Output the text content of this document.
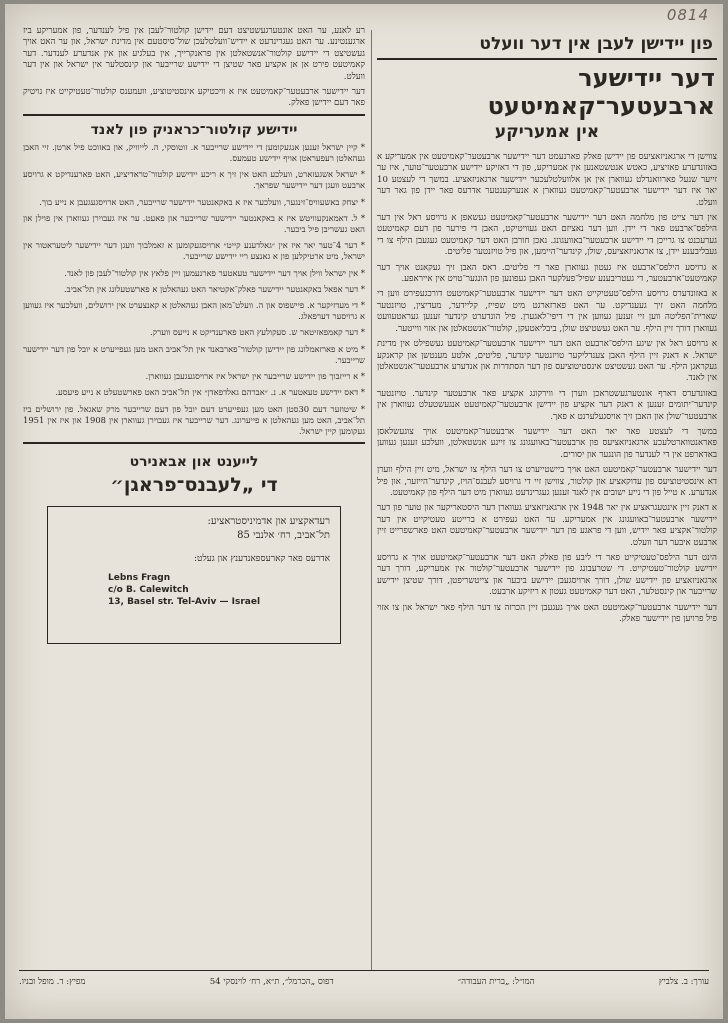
0814
פון יידישן לעבן אין דער וועלט
דער יידישער ארבעטער־קאמיטעט
אין אמעריקע

צווישן די ארגאניזאציעס פון יידישן פאלק פארנעמט דער יידישער ארבעטער־קאמיטעט אין אמעריקע א באזונדערע פאזיציע, כאטש אנטשטאנען אין אמעריקע, פון די דאזיקע יידישע ארבעטער־טוער, איז ער זייער שנעל פארוואנדלט געווארן אין אן אלוועלטלעכער יידישער ארגאניזאציע. במשך די לעצטע 10 יאר איז דער יידישער ארבעטער־קאמיטעט געווארן א אנערקענטער אדרעס פאר יידן פון גאר דער וועלט.

אין דער צייט פון מלחמה האט דער יידישער ארבעטער־קאמיטעט געשאפן א גרויסע ראל אין דער הילפס־ארבעט פאר די יידן. ווען דער נאציזם האט געוויטיקט, האבן די פירער פון דעם קאמיטעט גערעכנט צו גרייכן די יידישע ארבעטער־באוועגונג. נאכן חורבן האט דער קאמיטעט געגעבן הילף צו די געבליבענע יידן, צו ארגאניזאציעס, שולן, קינדער־היימען, און פיל טויזנטער פליטים.

א גרויסע הילפס־ארבעט איז געטון געווארן פאר די פליטים. דאס האבן זיך געקאנט אויך דער קאמיטעט־ארבעטער, די געטריבענע שפיל־פעלקער האבן געפונען פון הונגער־טויט אין אייראפע.

א באזונדערס גרויסע הילפס־טעטיקייט האט דער יידישער ארבעטער־קאמיטעט דורכגעפירט ווען די מלחמה האט זיך געענדיקט. ער האט פארזארגט מיט שפייז, קליידער, מעדיצין, טויזנטער שארית־הפליטה ווען זיי זענען געווען אין די דיפי־לאגערן. פיל הונדערט קינדער זענען געראטעוועט געווארן דורך זיין הילף. ער האט געשטיצט שולן, ביבליאטעקן, קולטור־אנשטאלטן און אזוי ווייטער.

א גרויסע ראל אין שיגע הילפס־ארבעט האט דער יידישער ארבעטער־קאמיטעט געשפילט אין מדינת ישראל. א דאנק זיין הילף האבן צענדליקער טויזנטער קינדער, פליטים, אלטע מענטשן און קראנקע געקראגן הילף. ער האט געשטיצט אינסטיטוציעס פון דער הסתדרות און אנדערע ארבעטער־אנשטאלטן אין לאנד.

באזונדערס דארף אונטערגעשטראכן ווערן די ווירקונג אקציע פאר ארבעטער קינדער. טויזנטער קינדער־יתומים זענען א דאנק דער אקציע פון יידישן ארבעטער־קאמיטעט אנגעשטעלט געווארן אין ארבעטער־שולן און האבן זיך אויסגעלערנט א פאך.

במשך די לעצטע פאר יאר האט דער יידישער ארבעטער־קאמיטעט אויך צוגעשלאסן פאראנטווארטלעכע ארגאניזאציעס פון ארבעטער־באוועגונג צו זיינע אנשטאלטן, וועלכע זענען געווען באדארפט אין די לענדער פון הונגער און יסורים.

דער יידישער ארבעטער־קאמיטעט האט אויך ביישטייערט צו דער הילף צו ישראל, מיט זיין הילף ווערן דא אינסטיטוציעס פון עדוקאציע און קולטור, צווישן זיי די גרויסע לעבנס־הויז, קינדער־הייזער, און פיל אנדערע. א טייל פון די נייע ישובים אין לאנד זענען געגרינדעט געווארן מיט דער הילף פון קאמיטעט.

א דאנק זיין אינטעגראציע אין יאר 1948 אין ארגאניזאציע געווארן דער היסטאריקער און טוער פון דער יידישער ארבעטער־באוועגונג אין אמעריקע. ער האט געפירט א ברייטע טעטיקייט אין דער קולטור־אקציע פאר יידיש, ווען די פראגע פון דער יידישער ארבעטער־קאמיטעט האט פארשפרייט זיין ארבעט איבער דער וועלט.

הינט דער הילפס־טעטיקייט פאר די ליבע פון פאלק האט דער ארבעטער־קאמיטעט אויך א גרויסע יידישע קולטור־טעטיקייט. די שטרעבונג פון יידישער ארבעטער־קולטור אין אמעריקע, דורך דער ארגאניזאציע פון יידישע שולן, דורך ארויסגעבן יידישע ביכער און צייטשריפטן, דורך שטיצן יידישע שרייבער און קינסטלער, האט דער קאמיטעט געטון א ריזיקע ארבעט.

דער יידישער ארבעטער־קאמיטעט האט אויך געגעבן זיין הכרזה צו דער הילף פאר ישראל און צו אזוי פיל פרויען פון יידישער פאלק.

רע לאנע, ער האט אונטערגעשטיצט דעם יידישן קולטור־לעבן אין פיל לענדער, פון אמעריקע ביז ארגענטינע. ער האט געגרינדעט א יידיש־וועלטלעכן שול־סיסטעם אין מדינת ישראל, און ער האט אויך געשטיצט די יידישע קולטור־אנשטאלטן אין פראנקרייך, אין בעלגיע און אין אנדערע לענדער. דער קאמיטעט פירט אן אן אקציע פאר שטיצן די יידישע שרייבער און קינסטלער אין ישראל און אין דער וועלט.

דער יידישער ארבעטער־קאמיטעט איז א וויכטיקע אינסטיטוציע, וועמענס קולטור־טעטיקייט איז נויטיק פאר דעם יידישן פאלק.

יידישע קולטור־כראניק פון לאנד

* קיין ישראל זענען אנגעקומען די יידישע שרייבער א. זוטוסקי, ה. לייוויק, און באזוכט פיל ארטן. זיי האבן געהאלטן רעפעראטן אויף יידישע טעמעס.

* ישראל אשגעזארט, וועלכע האט אין זיך א ריכע יידישע קולטור־טראדיציע, האט פארענדיקט א גרויסע ארבעט וועגן דער יידישער שפראך.

* יצחק באשעוויס־זינגער, וועלכער איז א באקאנטער יידישער שרייבער, האט ארויסגעגעבן א נייע בוך.

* ל. דאמאנקעוויטש איז א באקאנטער יידישער שרייבער און פאעט. ער איז געבוירן געווארן אין פוילן און האט געשריבן פיל ביכער.

* דער 4־טער יאר איז אין ״גאלדענע קייט״ ארויסגעקומען א זאמלבוך וועגן דער יידישער ליטעראטור אין ישראל, מיט ארטיקלען פון א גאנצע ריי יידישע שרייבער.

* אין ישראל ווילן אויך דער יידישער טעאטער פארנעמען זיין פלאץ אין קולטור־לעבן פון לאנד.

* דער אפאל באקאנטער יידישער פאלק־אקטיאר האט געהאלטן א פארשטעלונג אין תל־אביב.

* די מעדזיקער א. פיישפוס און ה. וועלט־מאן האבן געהאלטן א קאנצערט אין ירושלים, וועלכער איז געווען א גרויסער דערפאלג.

* דער קאמפאזיטאר ש. סעקולעץ האט פארענדיקט א נייעס ווערק.

* מיט א פארזאמלונג פון יידישן קולטור־פארבאנד אין תל־אביב האט מען געפייערט א יובל פון דער יידישער שרייבער.

* א רייזבוך פון יידישע שרייבער אין ישראל איז ארויסגעגעבן געווארן.

* דאס יידישע טעאטער א. נ. ״אברהם גאלדפאדן״ אין תל־אביב האט פארשטעלט א נייע פיעסע.

* שיטוזער דעם 30סטן האט מען געפייערט דעם יובל פון דעם שרייבער מרק שאגאל. פון ירושלים ביז תל־אביב, האט מען געהאלטן א פייערונג. דער שרייבער איז געבוירן געווארן אין 1908 און איז אין 1951 געקומען קיין ישראל.

לייענט און אבאנירט
די „לעבנס־פראגן״
רעדאקציע און אדמיניסטראציע:
תל־אביב, רח׳ אלנבי 85
אדרעס פאר קארעספאנדענץ און געלט:
Lebns Fragn
c/o B. Calewitch
13, Basel str. Tel-Aviv — Israel
עורך: ב. צלביץ
המו״ל: „ברית העבודה״
דפוס „הכרמל״, ת״א, רח׳ לוינסקי 54
מפיץ: ד. מופל ובניו.
